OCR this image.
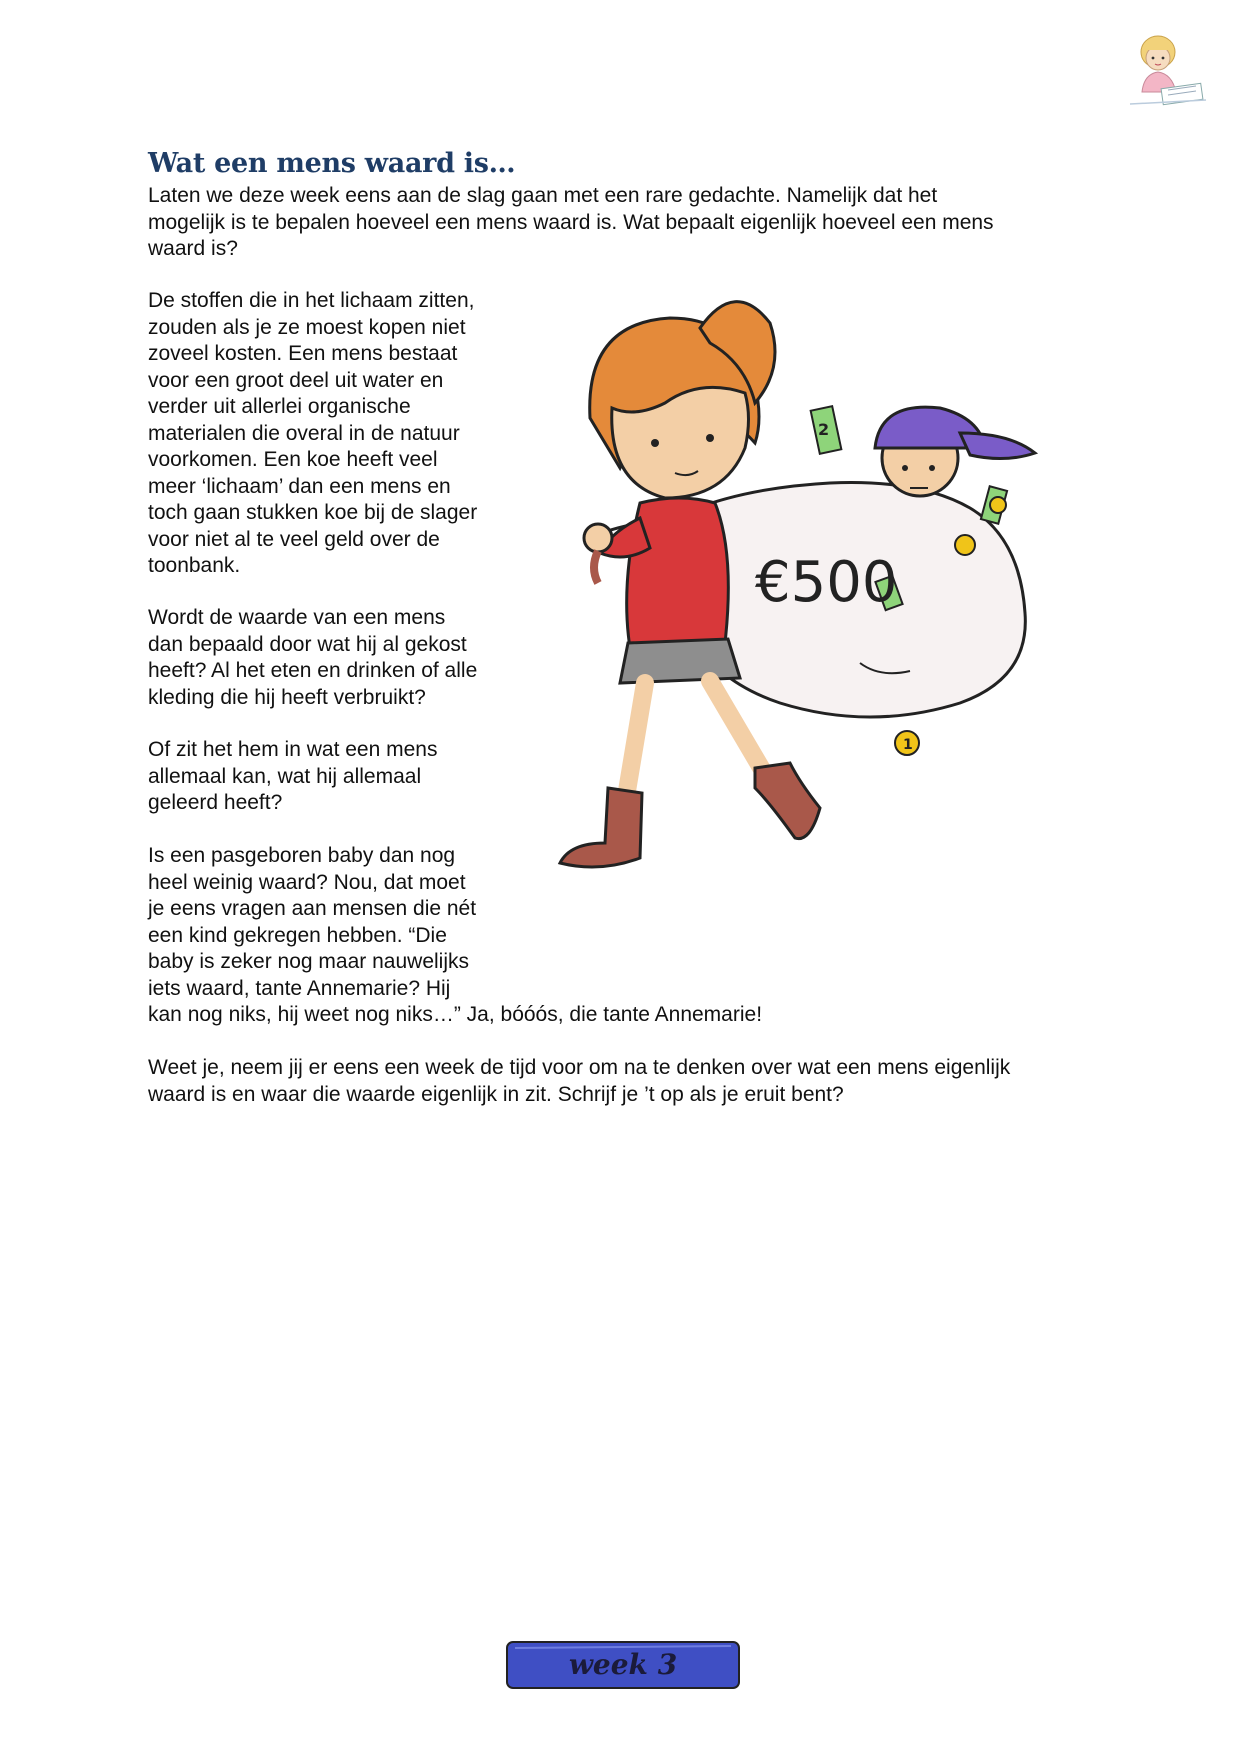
Wat een mens waard is…

Laten we deze week eens aan de slag gaan met een rare gedachte. Namelijk dat het
mogelijk is te bepalen hoeveel een mens waard is. Wat bepaalt eigenlijk hoeveel een mens
waard is?

De stoffen die in het lichaam zitten,
zouden als je ze moest kopen niet
zoveel kosten. Een mens bestaat
voor een groot deel uit water en
verder uit allerlei organische
materialen die overal in de natuur
voorkomen. Een koe heeft veel
meer ‘lichaam’ dan een mens en
toch gaan stukken koe bij de slager
voor niet al te veel geld over de
toonbank.

Wordt de waarde van een mens
dan bepaald door wat hij al gekost
heeft? Al het eten en drinken of alle
kleding die hij heeft verbruikt?

Of zit het hem in wat een mens
allemaal kan, wat hij allemaal
geleerd heeft?

Is een pasgeboren baby dan nog
heel weinig waard? Nou, dat moet
je eens vragen aan mensen die nét
een kind gekregen hebben. “Die
baby is zeker nog maar nauwelijks
iets waard, tante Annemarie? Hij

kan nog niks, hij weet nog niks…” Ja, bóóós, die tante Annemarie!

Weet je, neem jij er eens een week de tijd voor om na te denken over wat een mens eigenlijk
waard is en waar die waarde eigenlijk in zit. Schrijf je ’t op als je eruit bent?

2
€500
1
week 3
